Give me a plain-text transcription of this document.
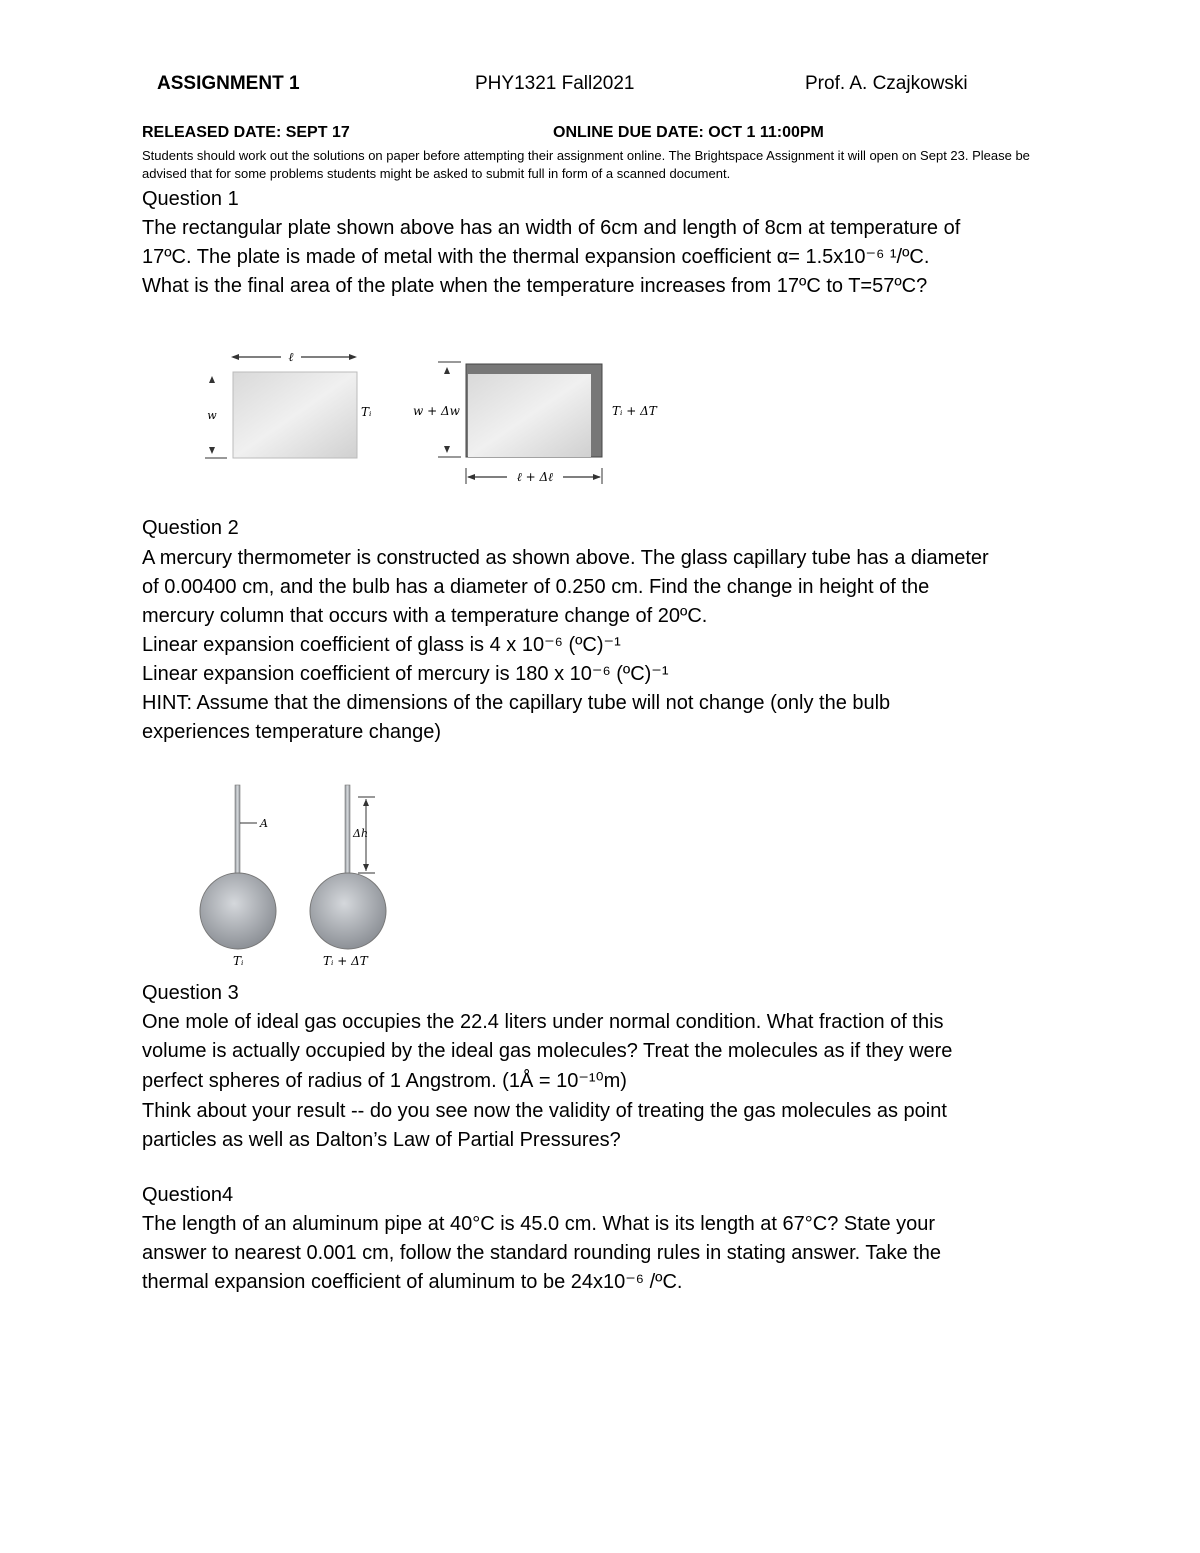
ASSIGNMENT 1	PHY1321 Fall2021	Prof. A. Czajkowski
RELEASED DATE: SEPT 17	ONLINE DUE DATE: OCT 1 11:00PM
Students should work out the solutions on paper before attempting their assignment online. The Brightspace Assignment it will open on Sept 23. Please be advised that for some problems students might be asked to submit full in form of a scanned document.
Question 1

The rectangular plate shown above has an width of 6cm and length of 8cm at temperature of

17ºC. The plate is made of metal with the thermal expansion coefficient α= 1.5x10⁻⁶ ¹/ºC.

What is the final area of the plate when the temperature increases from 17ºC to T=57ºC?

ℓ
w	Tᵢ	Tᵢ + ΔT
w + Δw
ℓ + Δℓ
Question 2

A mercury thermometer is constructed as shown above. The glass capillary tube has a diameter

of 0.00400 cm, and the bulb has a diameter of 0.250 cm. Find the change in height of the

mercury column that occurs with a temperature change of 20ºC.

Linear expansion coefficient of glass is 4 x 10⁻⁶ (ºC)⁻¹

Linear expansion coefficient of mercury is 180 x 10⁻⁶ (ºC)⁻¹

HINT: Assume that the dimensions of the capillary tube will not change (only the bulb

experiences temperature change)

A
Tᵢ
Δh
Tᵢ + ΔT
Question 3

One mole of ideal gas occupies the 22.4 liters under normal condition. What fraction of this

volume is actually occupied by the ideal gas molecules? Treat the molecules as if they were

perfect spheres of radius of 1 Angstrom. (1Å = 10⁻¹⁰m)

Think about your result -- do you see now the validity of treating the gas molecules as point

particles as well as Dalton’s Law of Partial Pressures?

Question4

The length of an aluminum pipe at 40°C is 45.0 cm. What is its length at 67°C? State your

answer to nearest 0.001 cm, follow the standard rounding rules in stating answer. Take the

thermal expansion coefficient of aluminum to be 24x10⁻⁶ /ºC.
